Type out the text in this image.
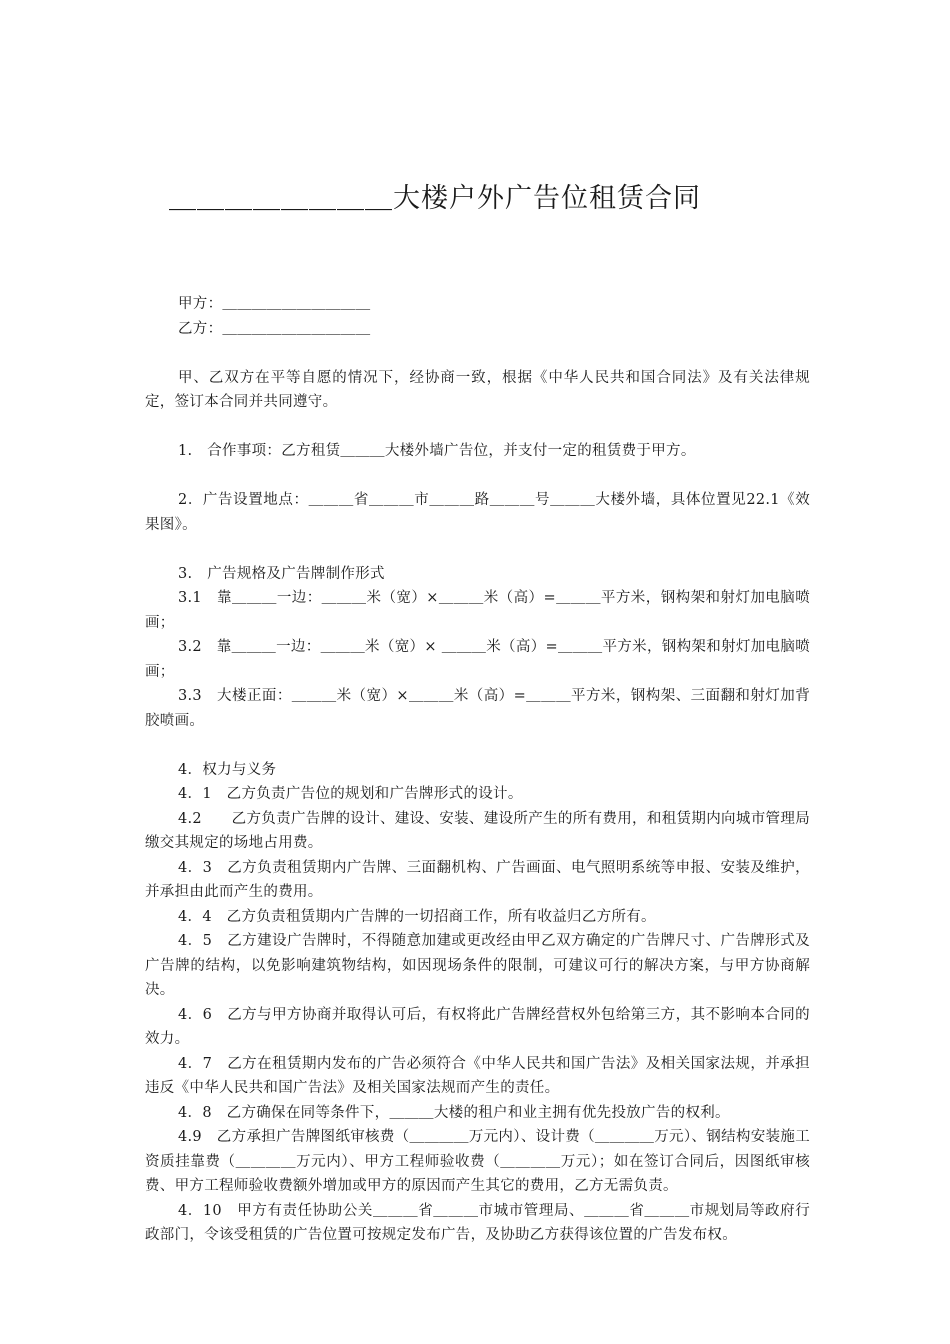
＿＿＿＿＿＿＿＿大楼户外广告位租赁合同

甲方：＿＿＿＿＿＿＿＿＿＿

乙方：＿＿＿＿＿＿＿＿＿＿

甲、乙双方在平等自愿的情况下，经协商一致，根据《中华人民共和国合同法》及有关法律规定，签订本合同并共同遵守。

1.　合作事项：乙方租赁＿＿＿大楼外墙广告位，并支付一定的租赁费于甲方。

2．广告设置地点：＿＿＿省＿＿＿市＿＿＿路＿＿＿号＿＿＿大楼外墙，具体位置见22.1《效果图》。

3.　广告规格及广告牌制作形式

3.1　靠＿＿＿一边：＿＿＿米（宽）×＿＿＿米（高）=＿＿＿平方米，钢构架和射灯加电脑喷画；

3.2　靠＿＿＿一边：＿＿＿米（宽）× ＿＿＿米（高）=＿＿＿平方米，钢构架和射灯加电脑喷画；

3.3　大楼正面：＿＿＿米（宽）×＿＿＿米（高）=＿＿＿平方米，钢构架、三面翻和射灯加背胶喷画。

4．权力与义务

4．1　乙方负责广告位的规划和广告牌形式的设计。

4.2　　乙方负责广告牌的设计、建设、安装、建设所产生的所有费用，和租赁期内向城市管理局缴交其规定的场地占用费。

4．3　乙方负责租赁期内广告牌、三面翻机构、广告画面、电气照明系统等申报、安装及维护，并承担由此而产生的费用。

4．4　乙方负责租赁期内广告牌的一切招商工作，所有收益归乙方所有。

4．5　乙方建设广告牌时，不得随意加建或更改经由甲乙双方确定的广告牌尺寸、广告牌形式及广告牌的结构，以免影响建筑物结构，如因现场条件的限制，可建议可行的解决方案，与甲方协商解决。

4．6　乙方与甲方协商并取得认可后，有权将此广告牌经营权外包给第三方，其不影响本合同的效力。

4．7　乙方在租赁期内发布的广告必须符合《中华人民共和国广告法》及相关国家法规，并承担违反《中华人民共和国广告法》及相关国家法规而产生的责任。

4．8　乙方确保在同等条件下，＿＿＿大楼的租户和业主拥有优先投放广告的权利。

4.9　乙方承担广告牌图纸审核费（＿＿＿＿万元内）、设计费（＿＿＿＿万元）、钢结构安装施工资质挂靠费（＿＿＿＿万元内）、甲方工程师验收费（＿＿＿＿万元）；如在签订合同后，因图纸审核费、甲方工程师验收费额外增加或甲方的原因而产生其它的费用，乙方无需负责。

4．10　甲方有责任协助公关＿＿＿省＿＿＿市城市管理局、＿＿＿省＿＿＿市规划局等政府行政部门，令该受租赁的广告位置可按规定发布广告，及协助乙方获得该位置的广告发布权。
